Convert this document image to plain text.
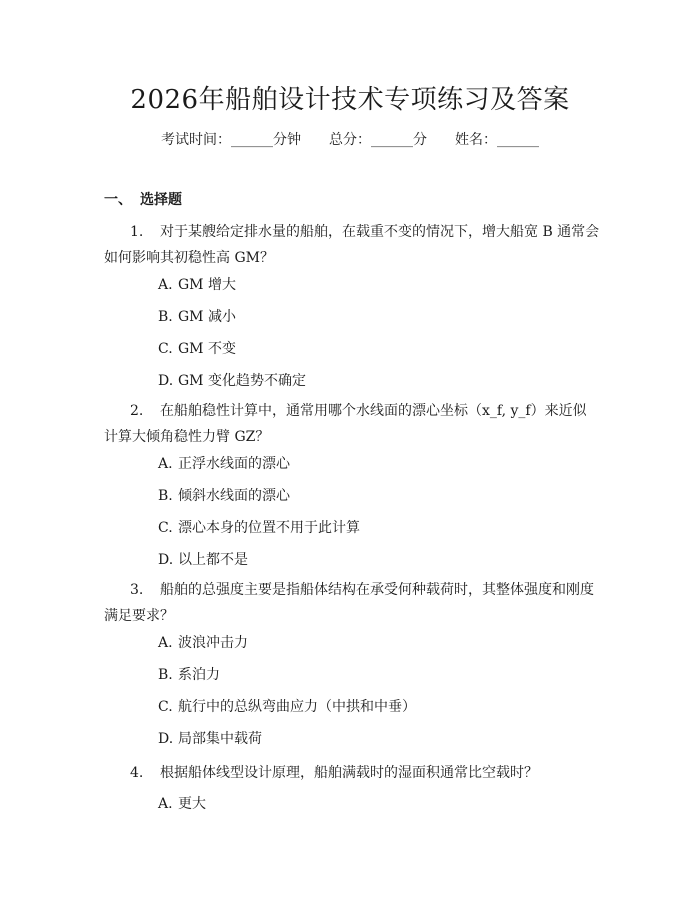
2026年船舶设计技术专项练习及答案
考试时间：______分钟 总分：______分 姓名：______
一、 选择题
1. 对于某艘给定排水量的船舶，在载重不变的情况下，增大船宽 B 通常会如何影响其初稳性高 GM？
A. GM 增大
B. GM 减小
C. GM 不变
D. GM 变化趋势不确定
2. 在船舶稳性计算中，通常用哪个水线面的漂心坐标（x_f, y_f）来近似计算大倾角稳性力臂 GZ？
A. 正浮水线面的漂心
B. 倾斜水线面的漂心
C. 漂心本身的位置不用于此计算
D. 以上都不是
3. 船舶的总强度主要是指船体结构在承受何种载荷时，其整体强度和刚度满足要求？
A. 波浪冲击力
B. 系泊力
C. 航行中的总纵弯曲应力（中拱和中垂）
D. 局部集中载荷
4. 根据船体线型设计原理，船舶满载时的湿面积通常比空载时？
A. 更大
